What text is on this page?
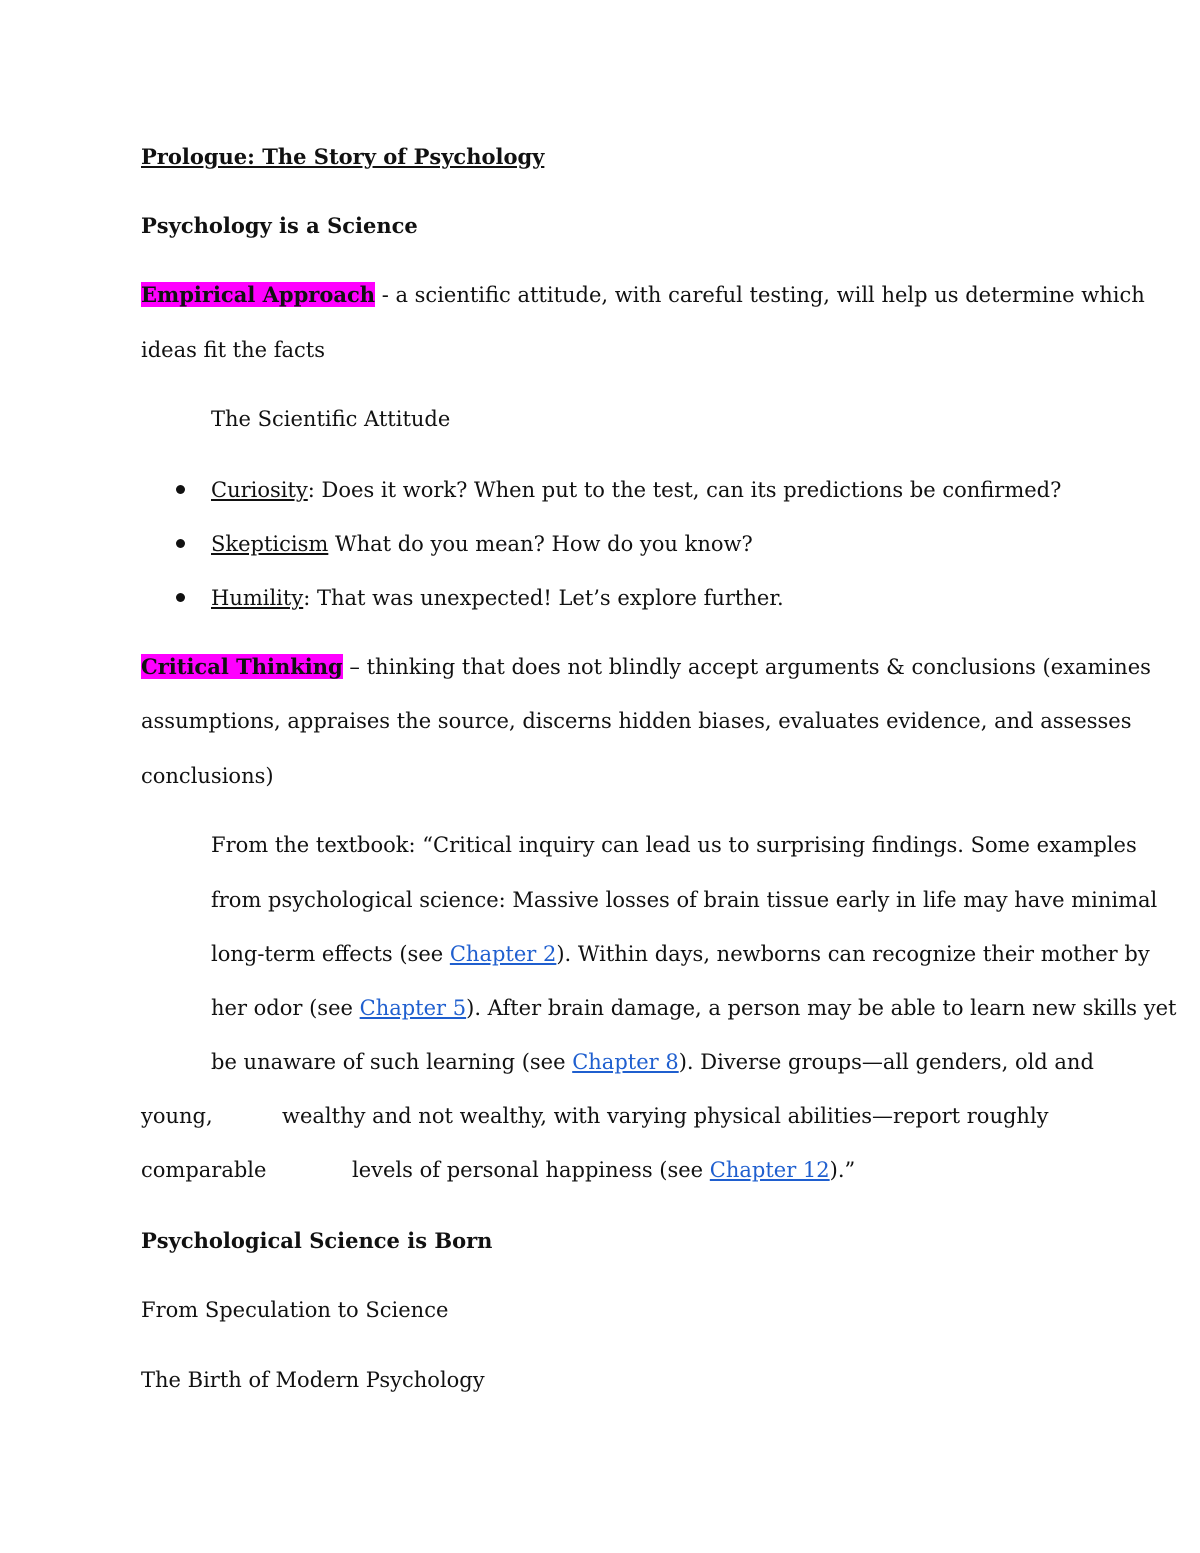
Prologue: The Story of Psychology
Psychology is a Science
Empirical Approach - a scientific attitude, with careful testing, will help us determine which
ideas fit the facts
The Scientific Attitude
Curiosity: Does it work? When put to the test, can its predictions be confirmed?
Skepticism What do you mean? How do you know?
Humility: That was unexpected! Let’s explore further.
Critical Thinking – thinking that does not blindly accept arguments & conclusions (examines
assumptions, appraises the source, discerns hidden biases, evaluates evidence, and assesses
conclusions)
From the textbook: “Critical inquiry can lead us to surprising findings. Some examples
from psychological science: Massive losses of brain tissue early in life may have minimal
long-term effects (see Chapter 2). Within days, newborns can recognize their mother by
her odor (see Chapter 5). After brain damage, a person may be able to learn new skills yet
be unaware of such learning (see Chapter 8). Diverse groups—all genders, old and
young,	wealthy and not wealthy, with varying physical abilities—report roughly
comparable	levels of personal happiness (see Chapter 12).”
Psychological Science is Born
From Speculation to Science
The Birth of Modern Psychology
